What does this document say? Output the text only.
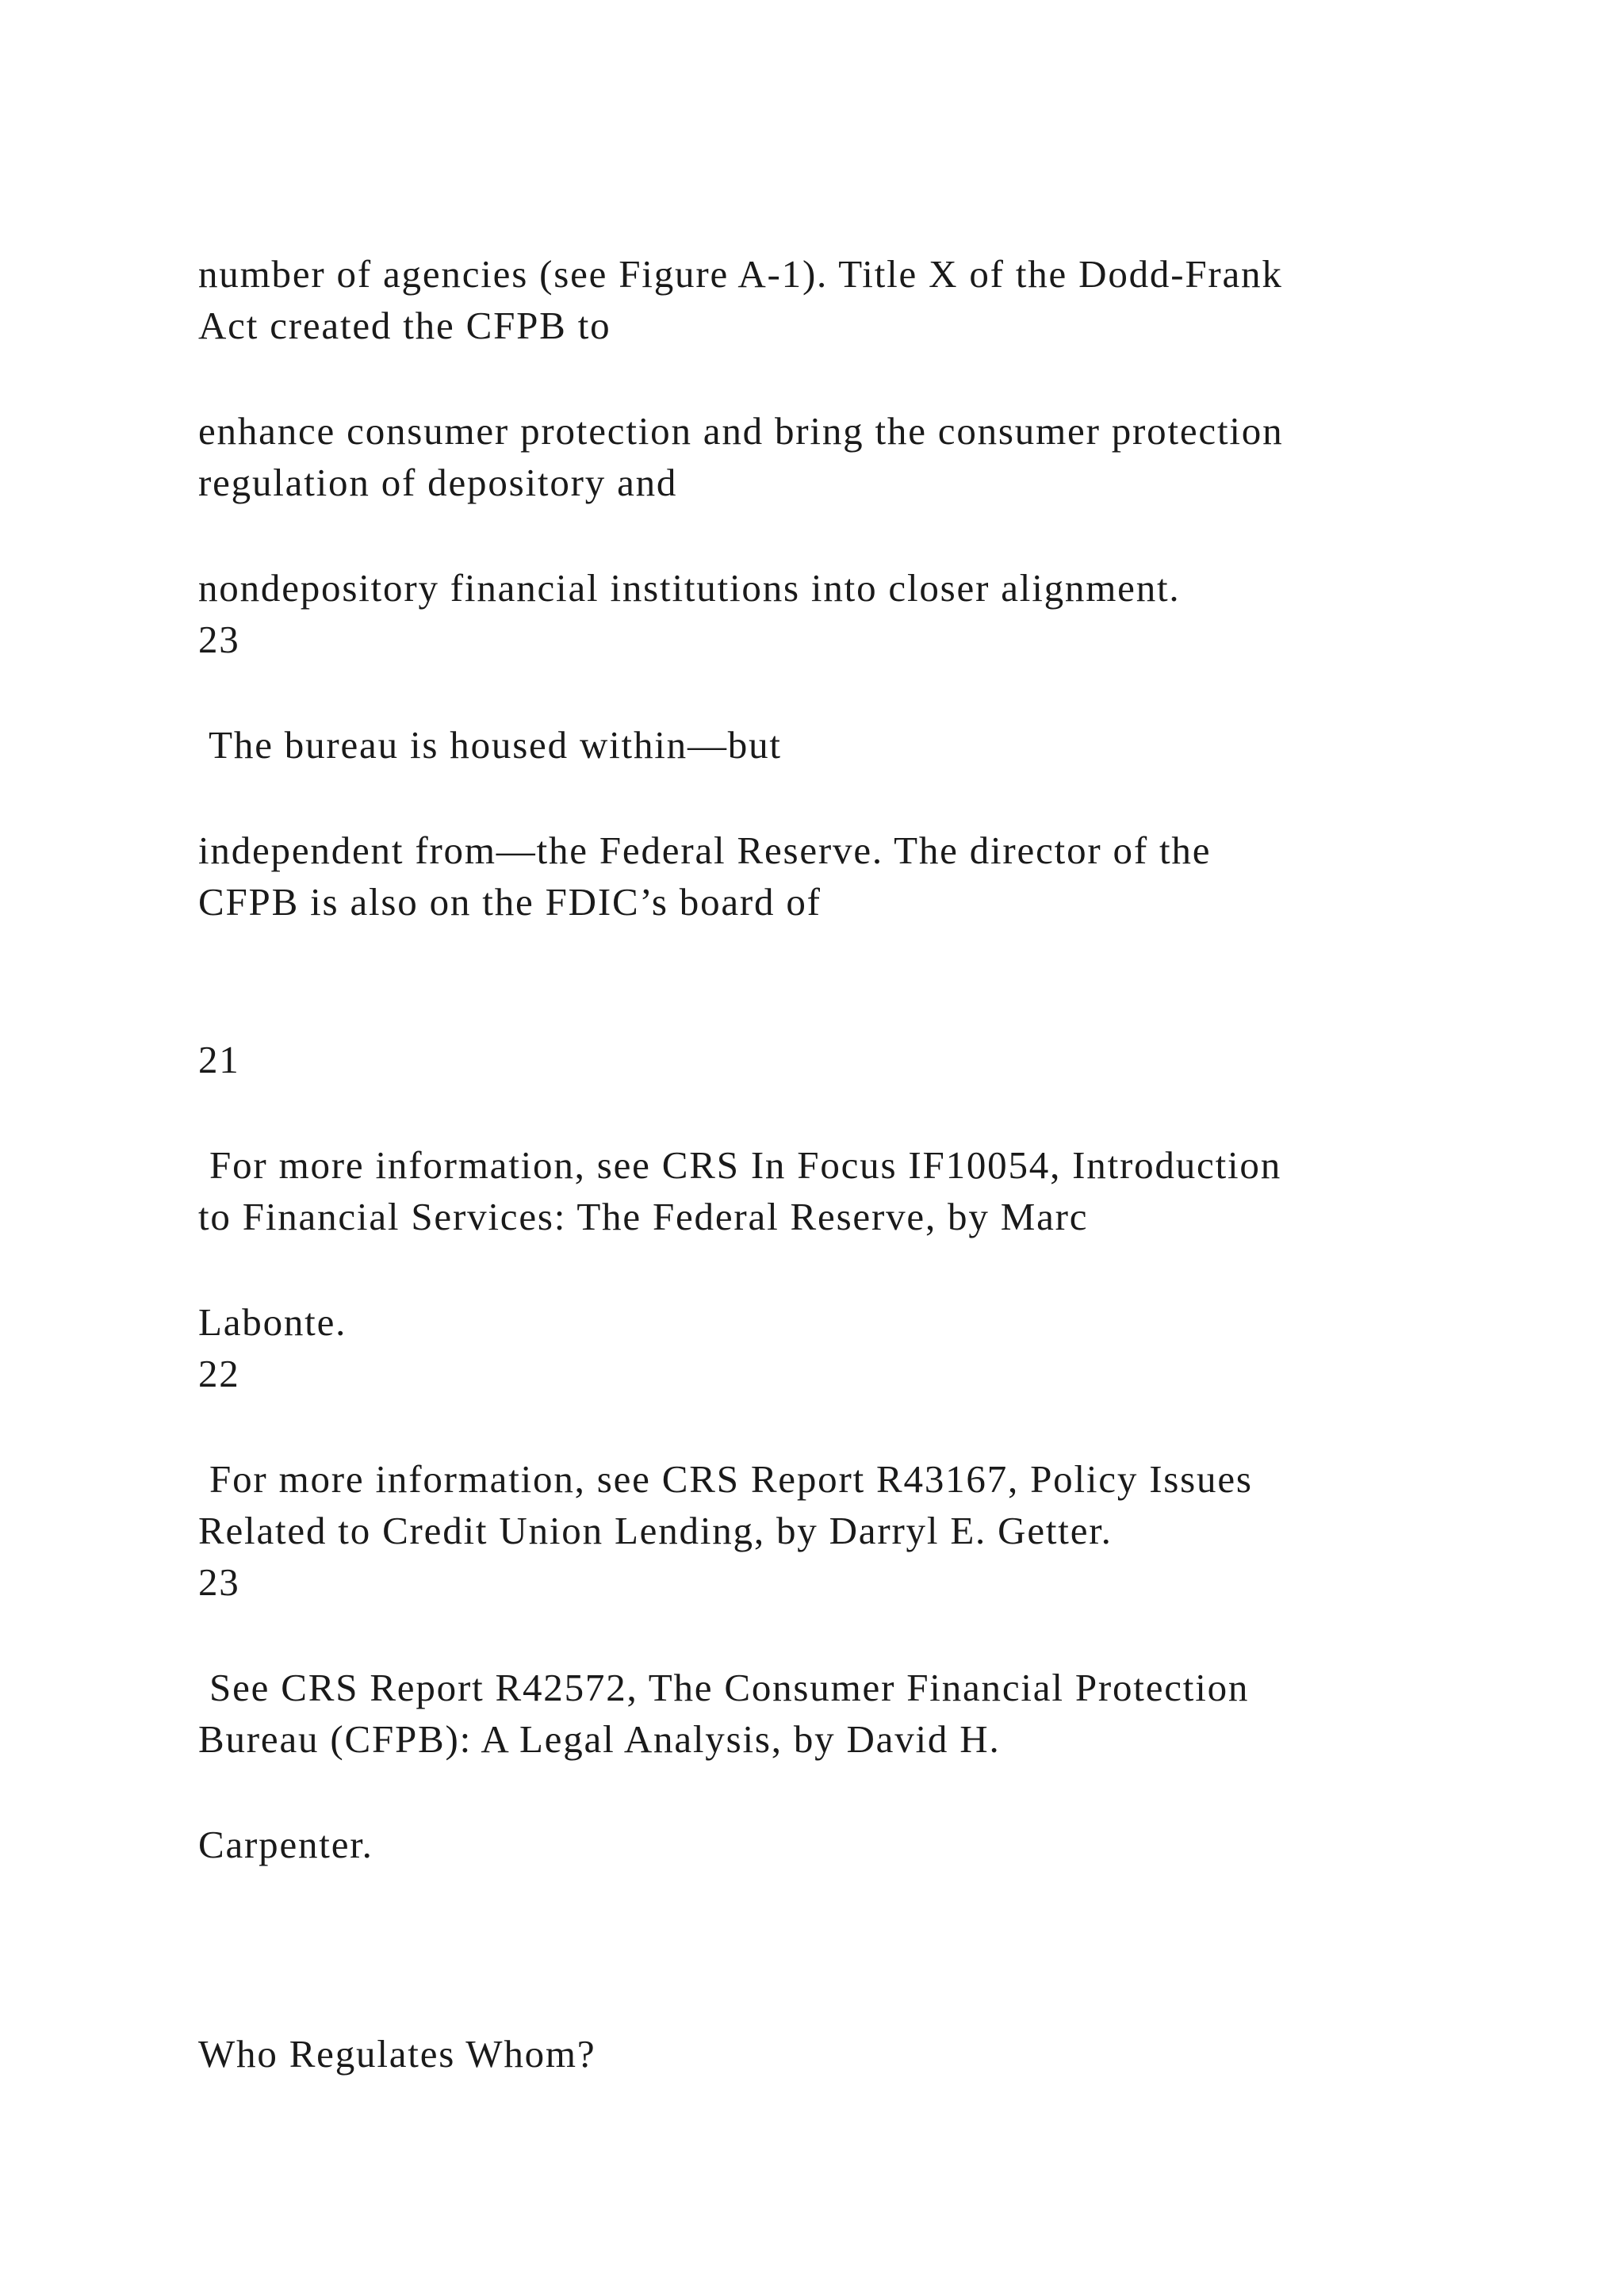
number of agencies (see Figure A-1). Title X of the Dodd-Frank

Act created the CFPB to

enhance consumer protection and bring the consumer protection

regulation of depository and

nondepository financial institutions into closer alignment.

23

The bureau is housed within—but

independent from—the Federal Reserve. The director of the

CFPB is also on the FDIC’s board of

21

For more information, see CRS In Focus IF10054, Introduction

to Financial Services: The Federal Reserve, by Marc

Labonte.

22

For more information, see CRS Report R43167, Policy Issues

Related to Credit Union Lending, by Darryl E. Getter.

23

See CRS Report R42572, The Consumer Financial Protection

Bureau (CFPB): A Legal Analysis, by David H.

Carpenter.

Who Regulates Whom?
